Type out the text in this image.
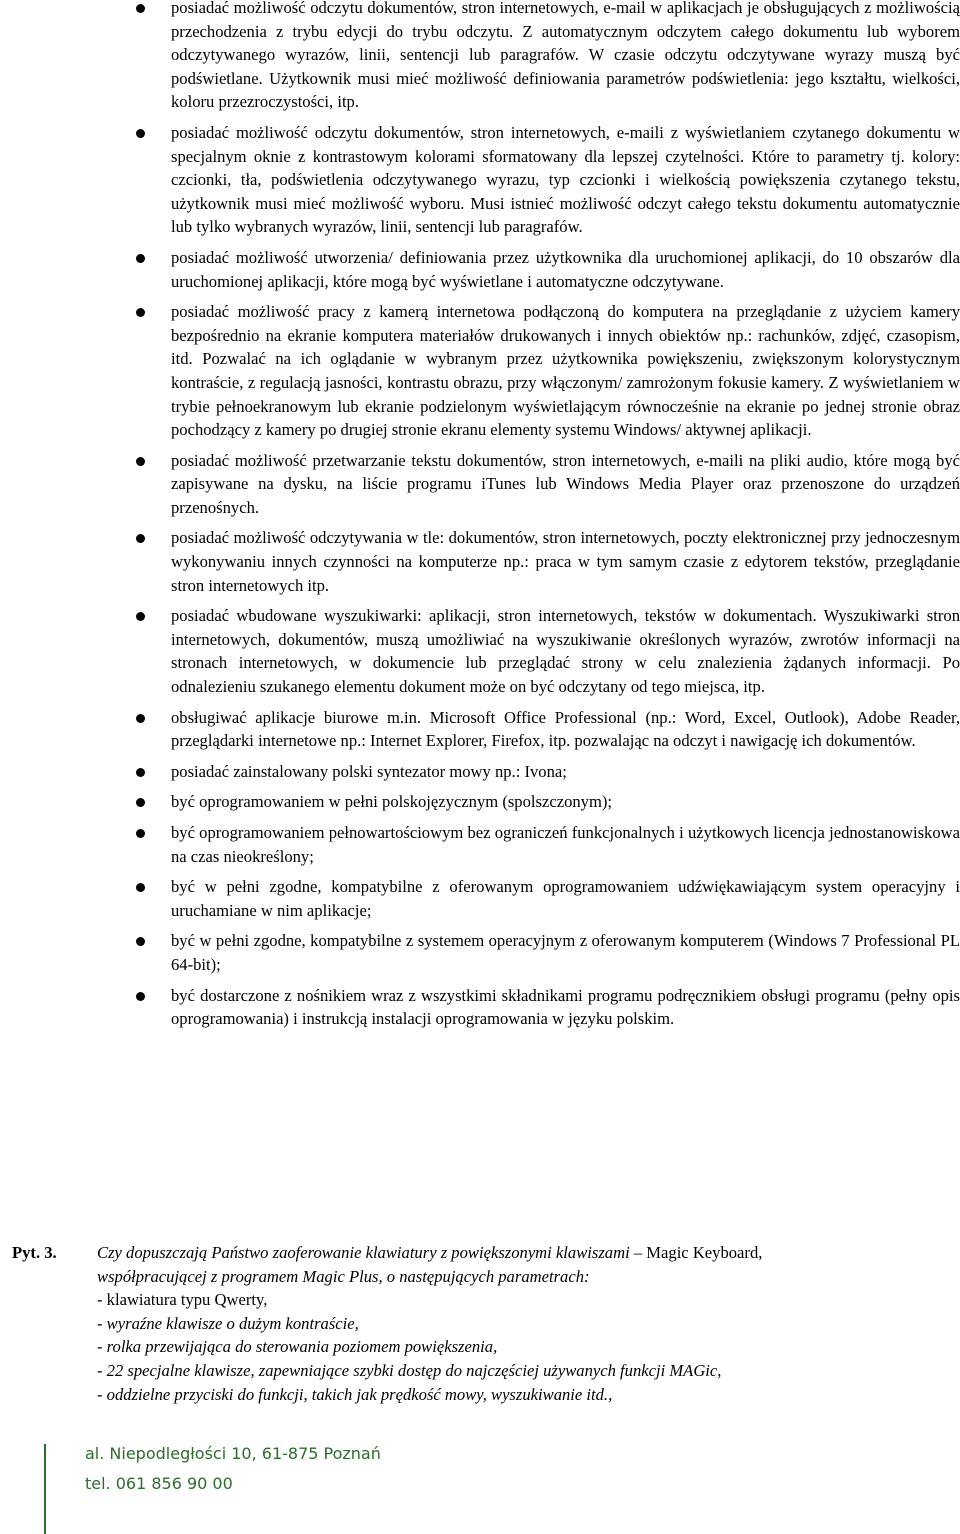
posiadać możliwość odczytu dokumentów, stron internetowych, e-mail w aplikacjach je obsługujących z możliwością przechodzenia z trybu edycji do trybu odczytu. Z automatycznym odczytem całego dokumentu lub wyborem odczytywanego wyrazów, linii, sentencji lub paragrafów. W czasie odczytu odczytywane wyrazy muszą być podświetlane. Użytkownik musi mieć możliwość definiowania parametrów podświetlenia: jego kształtu, wielkości, koloru przezroczystości, itp.
posiadać możliwość odczytu dokumentów, stron internetowych, e-maili z wyświetlaniem czytanego dokumentu w specjalnym oknie z kontrastowym kolorami sformatowany dla lepszej czytelności. Które to parametry tj. kolory: czcionki, tła, podświetlenia odczytywanego wyrazu, typ czcionki i wielkością powiększenia czytanego tekstu, użytkownik musi mieć możliwość wyboru. Musi istnieć możliwość odczyt całego tekstu dokumentu automatycznie lub tylko wybranych wyrazów, linii, sentencji lub paragrafów.
posiadać możliwość utworzenia/ definiowania przez użytkownika dla uruchomionej aplikacji, do 10 obszarów dla uruchomionej aplikacji, które mogą być wyświetlane i automatyczne odczytywane.
posiadać możliwość pracy z kamerą internetowa podłączoną do komputera na przeglądanie z użyciem kamery bezpośrednio na ekranie komputera materiałów drukowanych i innych obiektów np.: rachunków, zdjęć, czasopism, itd. Pozwalać na ich oglądanie w wybranym przez użytkownika powiększeniu, zwiększonym kolorystycznym kontraście, z regulacją jasności, kontrastu obrazu, przy włączonym/ zamrożonym fokusie kamery. Z wyświetlaniem w trybie pełnoekranowym lub ekranie podzielonym wyświetlającym równocześnie na ekranie po jednej stronie obraz pochodzący z kamery po drugiej stronie ekranu elementy systemu Windows/ aktywnej aplikacji.
posiadać możliwość przetwarzanie tekstu dokumentów, stron internetowych, e-maili na pliki audio, które mogą być zapisywane na dysku, na liście programu iTunes lub Windows Media Player oraz przenoszone do urządzeń przenośnych.
posiadać możliwość odczytywania w tle: dokumentów, stron internetowych, poczty elektronicznej przy jednoczesnym wykonywaniu innych czynności na komputerze np.: praca w tym samym czasie z edytorem tekstów, przeglądanie stron internetowych itp.
posiadać wbudowane wyszukiwarki: aplikacji, stron internetowych, tekstów w dokumentach. Wyszukiwarki stron internetowych, dokumentów, muszą umożliwiać na wyszukiwanie określonych wyrazów, zwrotów informacji na stronach internetowych, w dokumencie lub przeglądać strony w celu znalezienia żądanych informacji. Po odnalezieniu szukanego elementu dokument może on być odczytany od tego miejsca, itp.
obsługiwać aplikacje biurowe m.in. Microsoft Office Professional (np.: Word, Excel, Outlook), Adobe Reader, przeglądarki internetowe np.: Internet Explorer, Firefox, itp. pozwalając na odczyt i nawigację ich dokumentów.
posiadać zainstalowany polski syntezator mowy np.: Ivona;
być oprogramowaniem w pełni polskojęzycznym (spolszczonym);
być oprogramowaniem pełnowartościowym bez ograniczeń funkcjonalnych i użytkowych licencja jednostanowiskowa na czas nieokreślony;
być w pełni zgodne, kompatybilne z oferowanym oprogramowaniem udźwiękawiającym system operacyjny i uruchamiane w nim aplikacje;
być w pełni zgodne, kompatybilne z systemem operacyjnym z oferowanym komputerem (Windows 7 Professional PL 64-bit);
być dostarczone z nośnikiem wraz z wszystkimi składnikami programu podręcznikiem obsługi programu (pełny opis oprogramowania) i instrukcją instalacji oprogramowania w języku polskim.
Pyt. 3. Czy dopuszczają Państwo zaoferowanie klawiatury z powiększonymi klawiszami – Magic Keyboard,
współpracującej z programem Magic Plus, o następujących parametrach:

- klawiatura typu Qwerty,

- wyraźne klawisze o dużym kontraście,

- rolka przewijająca do sterowania poziomem powiększenia,

- 22 specjalne klawisze, zapewniające szybki dostęp do najczęściej używanych funkcji MAGic,

- oddzielne przyciski do funkcji, takich jak prędkość mowy, wyszukiwanie itd.,

al. Niepodległości 10, 61-875 Poznań
tel. 061 856 90 00
